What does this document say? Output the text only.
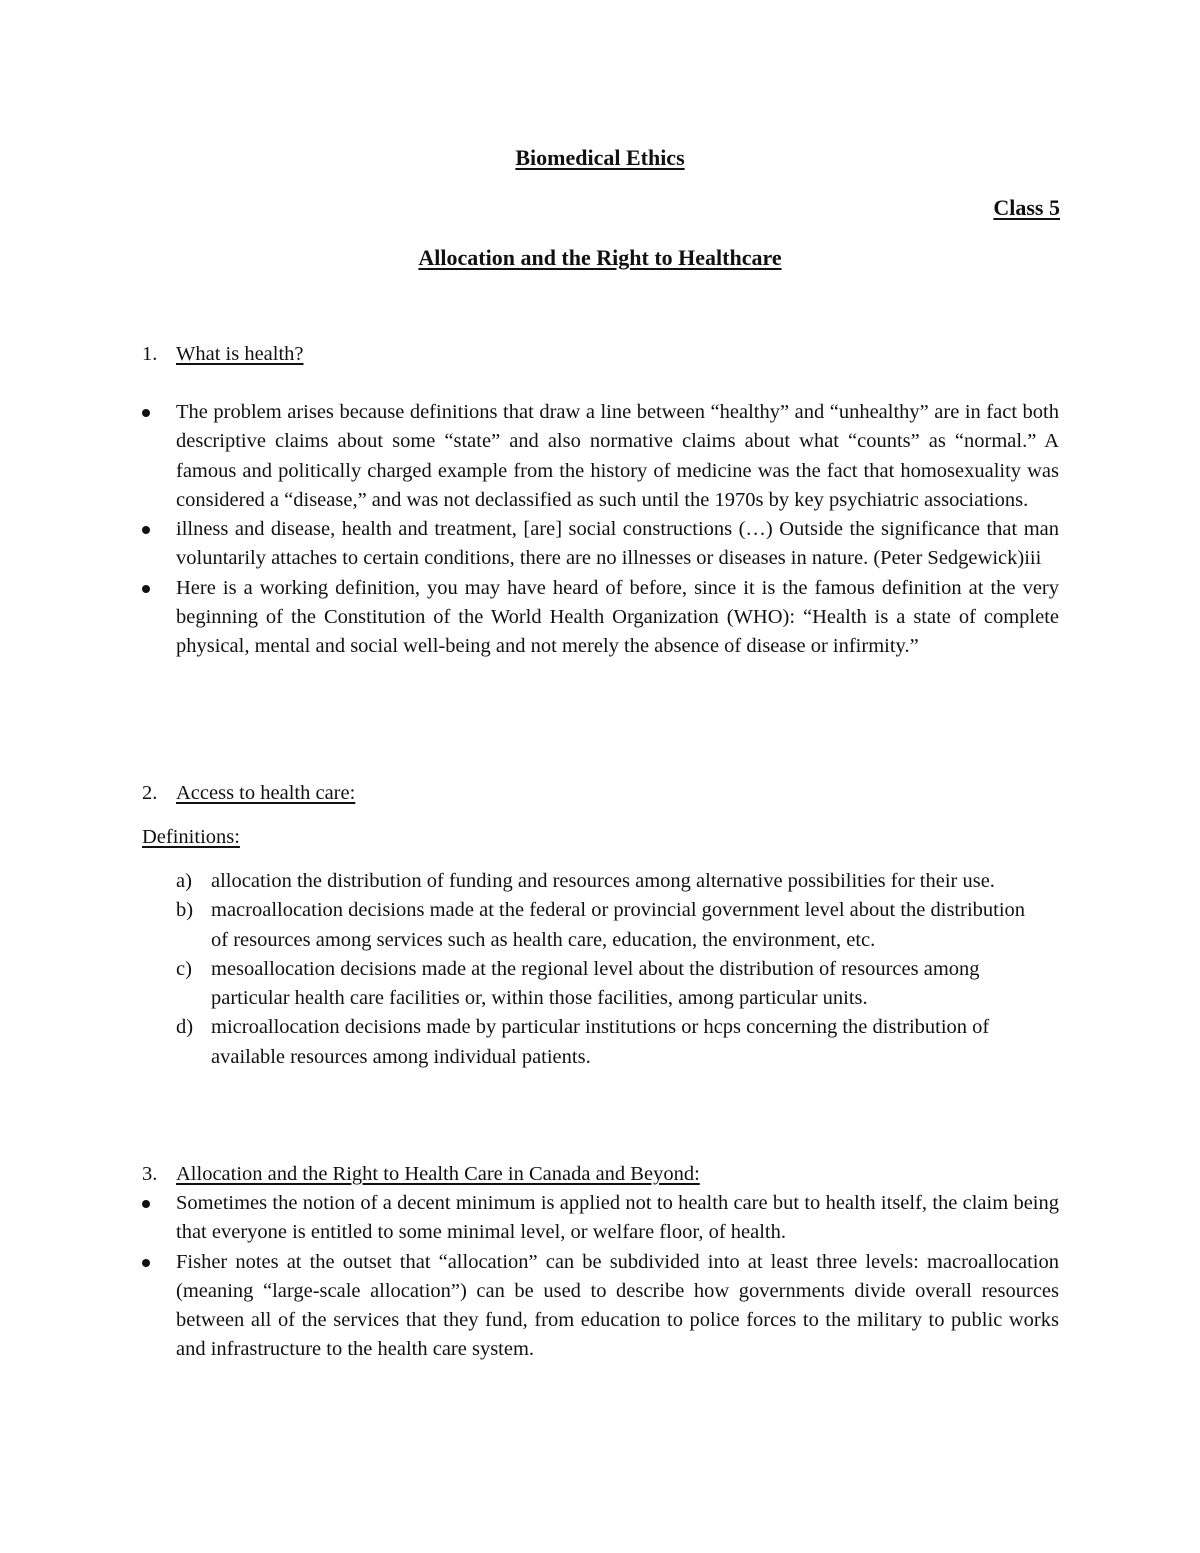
Biomedical Ethics
Class 5
Allocation and the Right to Healthcare
1. What is health?
The problem arises because definitions that draw a line between “healthy” and “unhealthy” are in fact both descriptive claims about some “state” and also normative claims about what “counts” as “normal.” A famous and politically charged example from the history of medicine was the fact that homosexuality was considered a “disease,” and was not declassified as such until the 1970s by key psychiatric associations.
illness and disease, health and treatment, [are] social constructions (…) Outside the significance that man voluntarily attaches to certain conditions, there are no illnesses or diseases in nature. (Peter Sedgewick)iii
Here is a working definition, you may have heard of before, since it is the famous definition at the very beginning of the Constitution of the World Health Organization (WHO): “Health is a state of complete physical, mental and social well-being and not merely the absence of disease or infirmity.”
2. Access to health care:
Definitions:
a) allocation the distribution of funding and resources among alternative possibilities for their use.
b) macroallocation decisions made at the federal or provincial government level about the distribution of resources among services such as health care, education, the environment, etc.
c) mesoallocation decisions made at the regional level about the distribution of resources among particular health care facilities or, within those facilities, among particular units.
d) microallocation decisions made by particular institutions or hcps concerning the distribution of available resources among individual patients.
3. Allocation and the Right to Health Care in Canada and Beyond:
Sometimes the notion of a decent minimum is applied not to health care but to health itself, the claim being that everyone is entitled to some minimal level, or welfare floor, of health.
Fisher notes at the outset that “allocation” can be subdivided into at least three levels: macroallocation (meaning “large-scale allocation”) can be used to describe how governments divide overall resources between all of the services that they fund, from education to police forces to the military to public works and infrastructure to the health care system.
